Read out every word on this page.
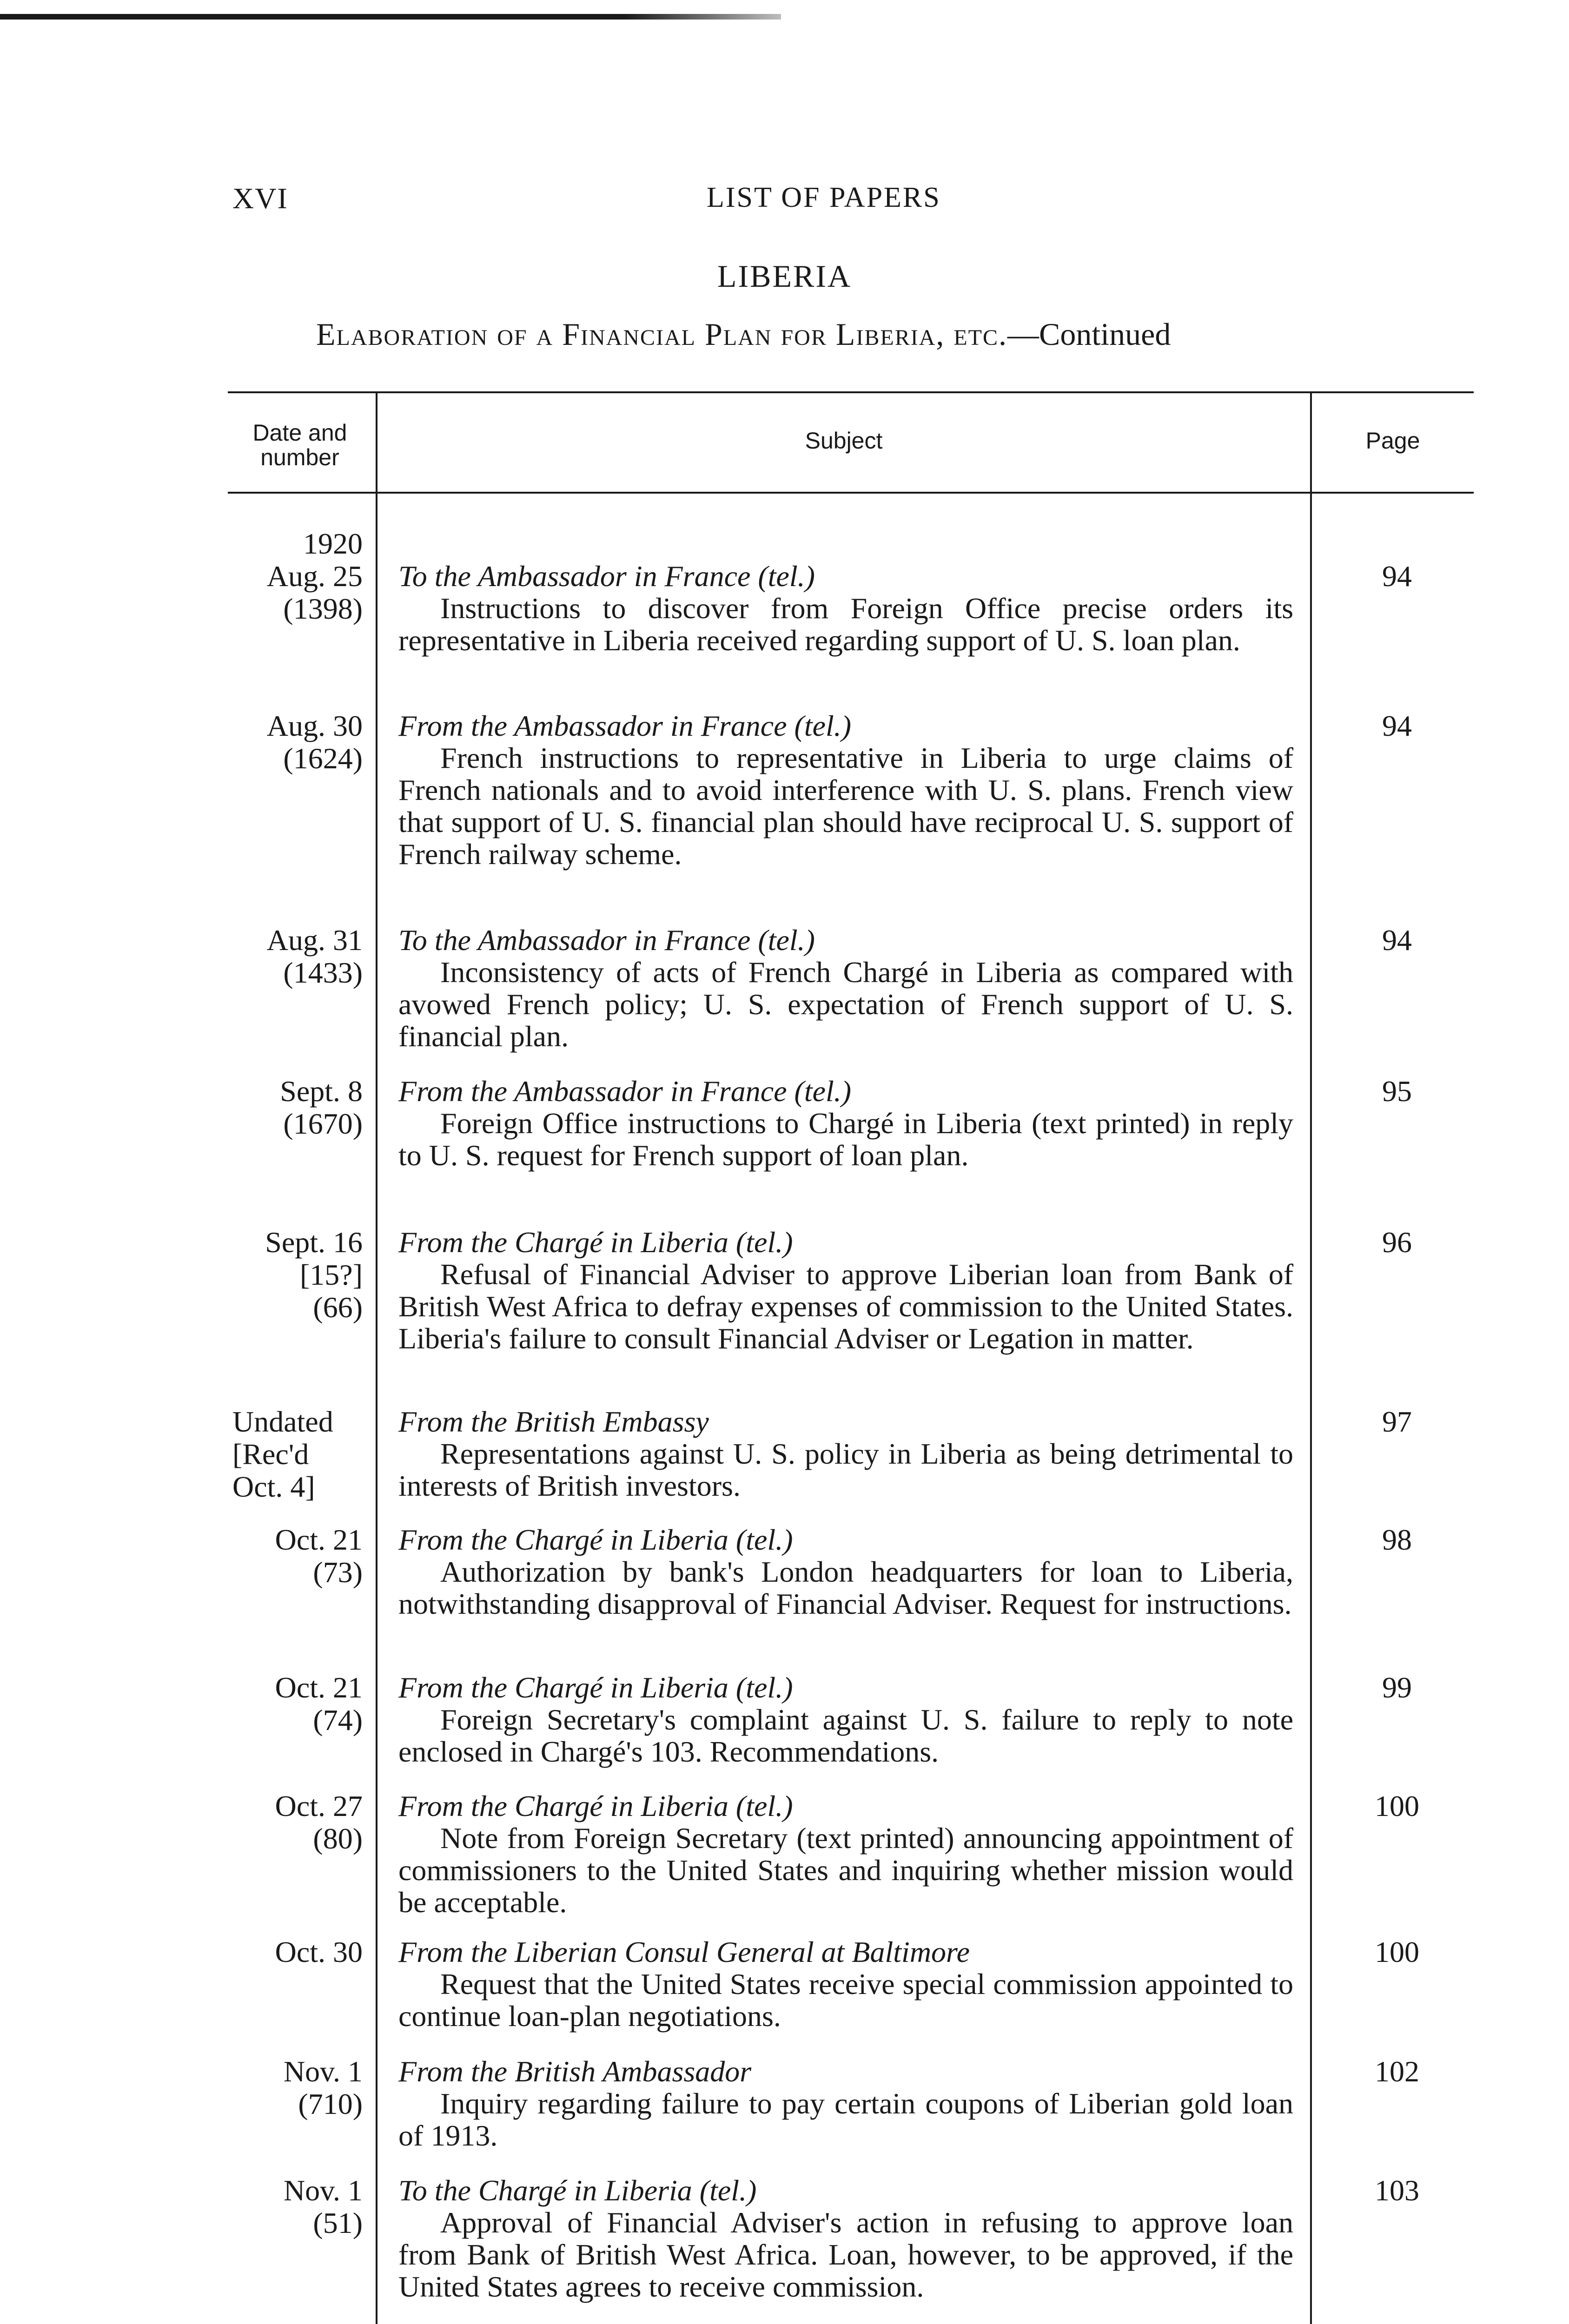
XVI	LIST OF PAPERS
LIBERIA
Elaboration of a Financial Plan for Liberia, etc.—Continued
Date and number
Subject	Page
1920
Aug. 25
(1398)
To the Ambassador in France (tel.)
Instructions to discover from Foreign Office precise orders its representative in Liberia received regarding support of U. S. loan plan.
94
Aug. 30
(1624)
From the Ambassador in France (tel.)
French instructions to representative in Liberia to urge claims of French nationals and to avoid interference with U. S. plans. French view that support of U. S. financial plan should have reciprocal U. S. support of French railway scheme.
94
Aug. 31
(1433)
To the Ambassador in France (tel.)
Inconsistency of acts of French Chargé in Liberia as compared with avowed French policy; U. S. expectation of French support of U. S. financial plan.
94
Sept. 8
(1670)
From the Ambassador in France (tel.)
Foreign Office instructions to Chargé in Liberia (text printed) in reply to U. S. request for French support of loan plan.
95
Sept. 16
[15?]
(66)
From the Chargé in Liberia (tel.)
Refusal of Financial Adviser to approve Liberian loan from Bank of British West Africa to defray expenses of commission to the United States. Liberia's failure to consult Financial Adviser or Legation in matter.
96
Undated
[Rec'd
Oct. 4]
From the British Embassy
Representations against U. S. policy in Liberia as being detrimental to interests of British investors.
97
Oct. 21
(73)
From the Chargé in Liberia (tel.)
Authorization by bank's London headquarters for loan to Liberia, notwithstanding disapproval of Financial Adviser. Request for instructions.
98
Oct. 21
(74)
From the Chargé in Liberia (tel.)
Foreign Secretary's complaint against U. S. failure to reply to note enclosed in Chargé's 103. Recommendations.
99
Oct. 27
(80)
From the Chargé in Liberia (tel.)
Note from Foreign Secretary (text printed) announcing appointment of commissioners to the United States and inquiring whether mission would be acceptable.
100
Oct. 30 From the Liberian Consul General at Baltimore
Request that the United States receive special commission appointed to continue loan-plan negotiations.
100
Nov. 1
(710)
From the British Ambassador
Inquiry regarding failure to pay certain coupons of Liberian gold loan of 1913.
102
Nov. 1
(51)
To the Chargé in Liberia (tel.)
Approval of Financial Adviser's action in refusing to approve loan from Bank of British West Africa. Loan, however, to be approved, if the United States agrees to receive commission.
103
